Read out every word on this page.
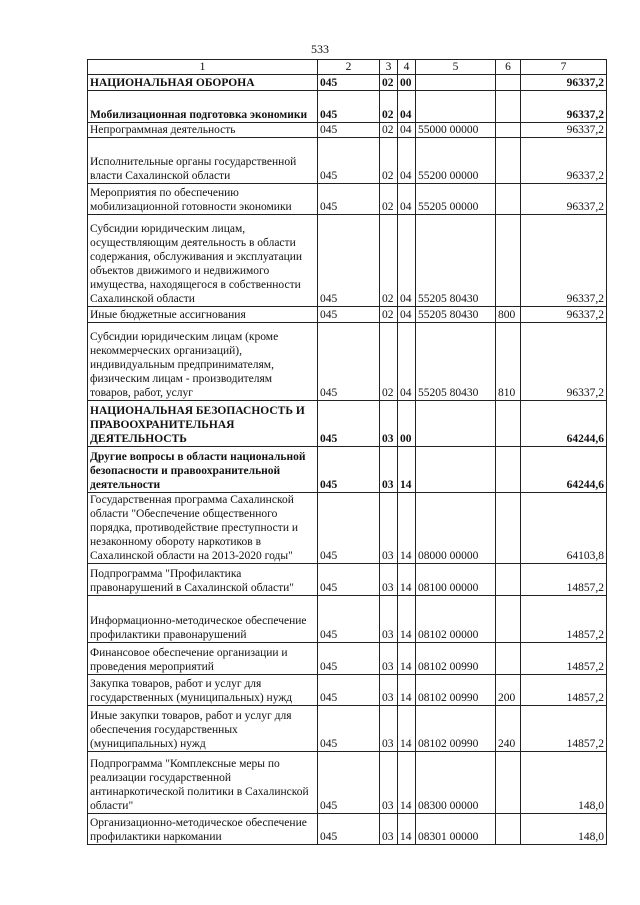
533
1	2	3	4	5	6	7
НАЦИОНАЛЬНАЯ ОБОРОНА	045	02	00			96337,2
Мобилизационная подготовка экономики	045	02	04			96337,2
Непрограммная деятельность	045	02	04	55000 00000		96337,2
Исполнительные органы государственной власти Сахалинской области	045	02	04	55200 00000		96337,2
Мероприятия по обеспечению мобилизационной готовности экономики	045	02	04	55205 00000		96337,2
Субсидии юридическим лицам, осуществляющим деятельность в области содержания, обслуживания и эксплуатации объектов движимого и недвижимого имущества, находящегося в собственности Сахалинской области	045	02	04	55205 80430		96337,2
Иные бюджетные ассигнования	045	02	04	55205 80430	800	96337,2
Субсидии юридическим лицам (кроме некоммерческих организаций), индивидуальным предпринимателям, физическим лицам - производителям товаров, работ, услуг	045	02	04	55205 80430	810	96337,2
НАЦИОНАЛЬНАЯ БЕЗОПАСНОСТЬ И ПРАВООХРАНИТЕЛЬНАЯ ДЕЯТЕЛЬНОСТЬ	045	03	00			64244,6
Другие вопросы в области национальной безопасности и правоохранительной деятельности	045	03	14			64244,6
Государственная программа Сахалинской области "Обеспечение общественного порядка, противодействие преступности и незаконному обороту наркотиков в Сахалинской области на 2013-2020 годы"	045	03	14	08000 00000		64103,8
Подпрограмма "Профилактика правонарушений в Сахалинской области"	045	03	14	08100 00000		14857,2
Информационно-методическое обеспечение профилактики правонарушений	045	03	14	08102 00000		14857,2
Финансовое обеспечение организации и проведения мероприятий	045	03	14	08102 00990		14857,2
Закупка товаров, работ и услуг для государственных (муниципальных) нужд	045	03	14	08102 00990	200	14857,2
Иные закупки товаров, работ и услуг для обеспечения государственных (муниципальных) нужд	045	03	14	08102 00990	240	14857,2
Подпрограмма "Комплексные меры по реализации государственной антинаркотической политики в Сахалинской области"	045	03	14	08300 00000		148,0
Организационно-методическое обеспечение профилактики наркомании	045	03	14	08301 00000		148,0
